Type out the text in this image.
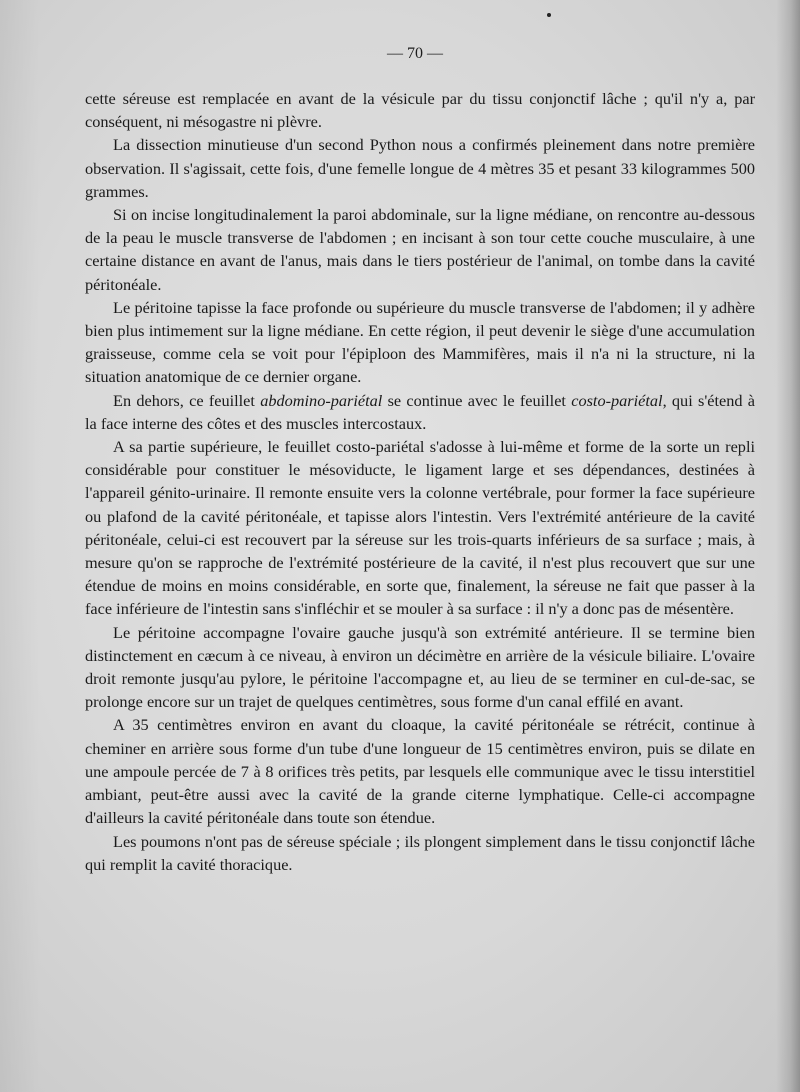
— 70 —

cette séreuse est remplacée en avant de la vésicule par du tissu conjonctif lâche ; qu'il n'y a, par conséquent, ni mésogastre ni plèvre.

La dissection minutieuse d'un second Python nous a confirmés pleinement dans notre première observation. Il s'agissait, cette fois, d'une femelle longue de 4 mètres 35 et pesant 33 kilogrammes 500 grammes.

Si on incise longitudinalement la paroi abdominale, sur la ligne médiane, on rencontre au-dessous de la peau le muscle transverse de l'abdomen ; en incisant à son tour cette couche musculaire, à une certaine distance en avant de l'anus, mais dans le tiers postérieur de l'animal, on tombe dans la cavité péritonéale.

Le péritoine tapisse la face profonde ou supérieure du muscle transverse de l'abdomen; il y adhère bien plus intimement sur la ligne médiane. En cette région, il peut devenir le siège d'une accumulation graisseuse, comme cela se voit pour l'épiploon des Mammifères, mais il n'a ni la structure, ni la situation anatomique de ce dernier organe.

En dehors, ce feuillet abdomino-pariétal se continue avec le feuillet costo-pariétal, qui s'étend à la face interne des côtes et des muscles intercostaux.

A sa partie supérieure, le feuillet costo-pariétal s'adosse à lui-même et forme de la sorte un repli considérable pour constituer le mésoviducte, le ligament large et ses dépendances, destinées à l'appareil génito-urinaire. Il remonte ensuite vers la colonne vertébrale, pour former la face supérieure ou plafond de la cavité péritonéale, et tapisse alors l'intestin. Vers l'extrémité antérieure de la cavité péritonéale, celui-ci est recouvert par la séreuse sur les trois-quarts inférieurs de sa surface ; mais, à mesure qu'on se rapproche de l'extrémité postérieure de la cavité, il n'est plus recouvert que sur une étendue de moins en moins considérable, en sorte que, finalement, la séreuse ne fait que passer à la face inférieure de l'intestin sans s'infléchir et se mouler à sa surface : il n'y a donc pas de mésentère.

Le péritoine accompagne l'ovaire gauche jusqu'à son extrémité antérieure. Il se termine bien distinctement en cæcum à ce niveau, à environ un décimètre en arrière de la vésicule biliaire. L'ovaire droit remonte jusqu'au pylore, le péritoine l'accompagne et, au lieu de se terminer en cul-de-sac, se prolonge encore sur un trajet de quelques centimètres, sous forme d'un canal effilé en avant.

A 35 centimètres environ en avant du cloaque, la cavité péritonéale se rétrécit, continue à cheminer en arrière sous forme d'un tube d'une longueur de 15 centimètres environ, puis se dilate en une ampoule percée de 7 à 8 orifices très petits, par lesquels elle communique avec le tissu interstitiel ambiant, peut-être aussi avec la cavité de la grande citerne lymphatique. Celle-ci accompagne d'ailleurs la cavité péritonéale dans toute son étendue.

Les poumons n'ont pas de séreuse spéciale ; ils plongent simplement dans le tissu conjonctif lâche qui remplit la cavité thoracique.
